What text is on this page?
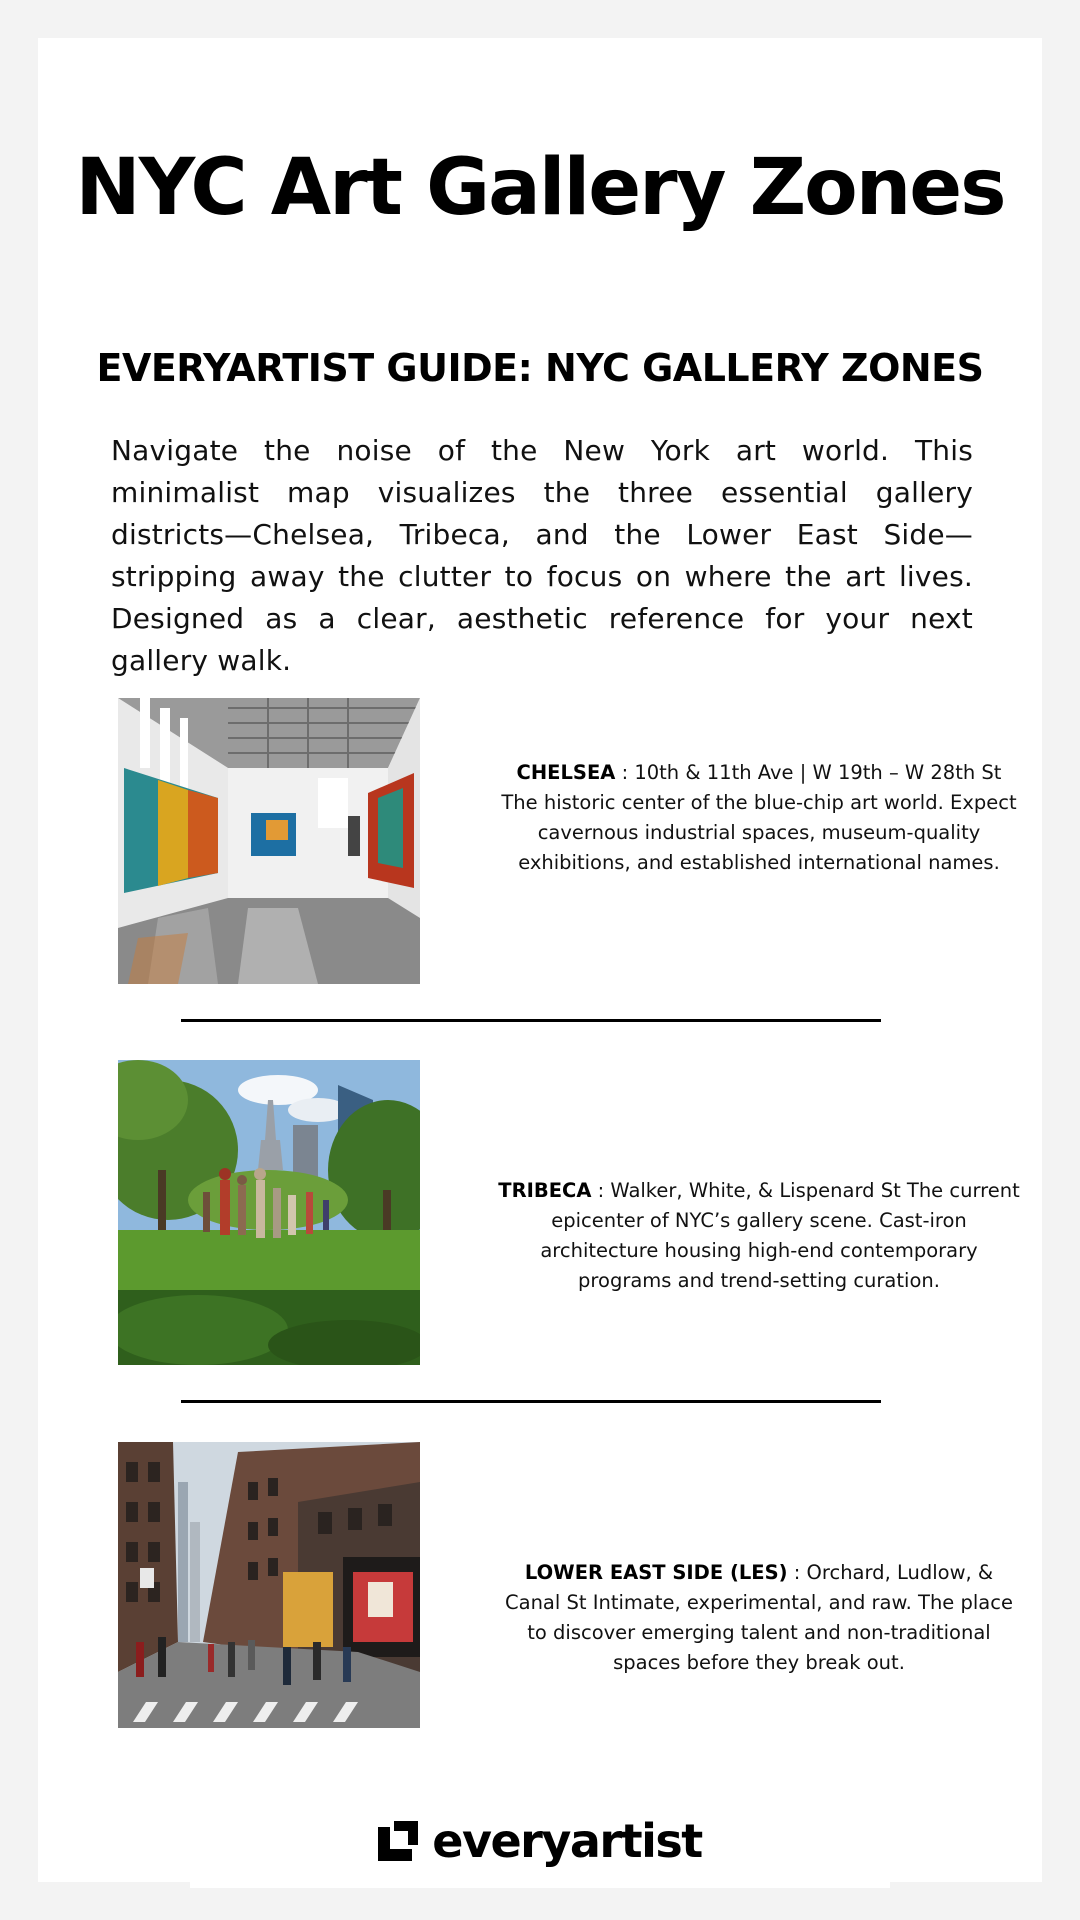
NYC Art Gallery Zones
EVERYARTIST GUIDE: NYC GALLERY ZONES

Navigate the noise of the New York art world. This minimalist map visualizes the three essential gallery districts—Chelsea, Tribeca, and the Lower East Side—stripping away the clutter to focus on where the art lives. Designed as a clear, aesthetic reference for your next gallery walk.

CHELSEA : 10th & 11th Ave | W 19th – W 28th St The historic center of the blue-chip art world. Expect cavernous industrial spaces, museum-quality exhibitions, and established international names.
TRIBECA : Walker, White, & Lispenard St The current epicenter of NYC’s gallery scene. Cast-iron architecture housing high-end contemporary programs and trend-setting curation.
LOWER EAST SIDE (LES) : Orchard, Ludlow, & Canal St Intimate, experimental, and raw. The place to discover emerging talent and non-traditional spaces before they break out.
everyartist
